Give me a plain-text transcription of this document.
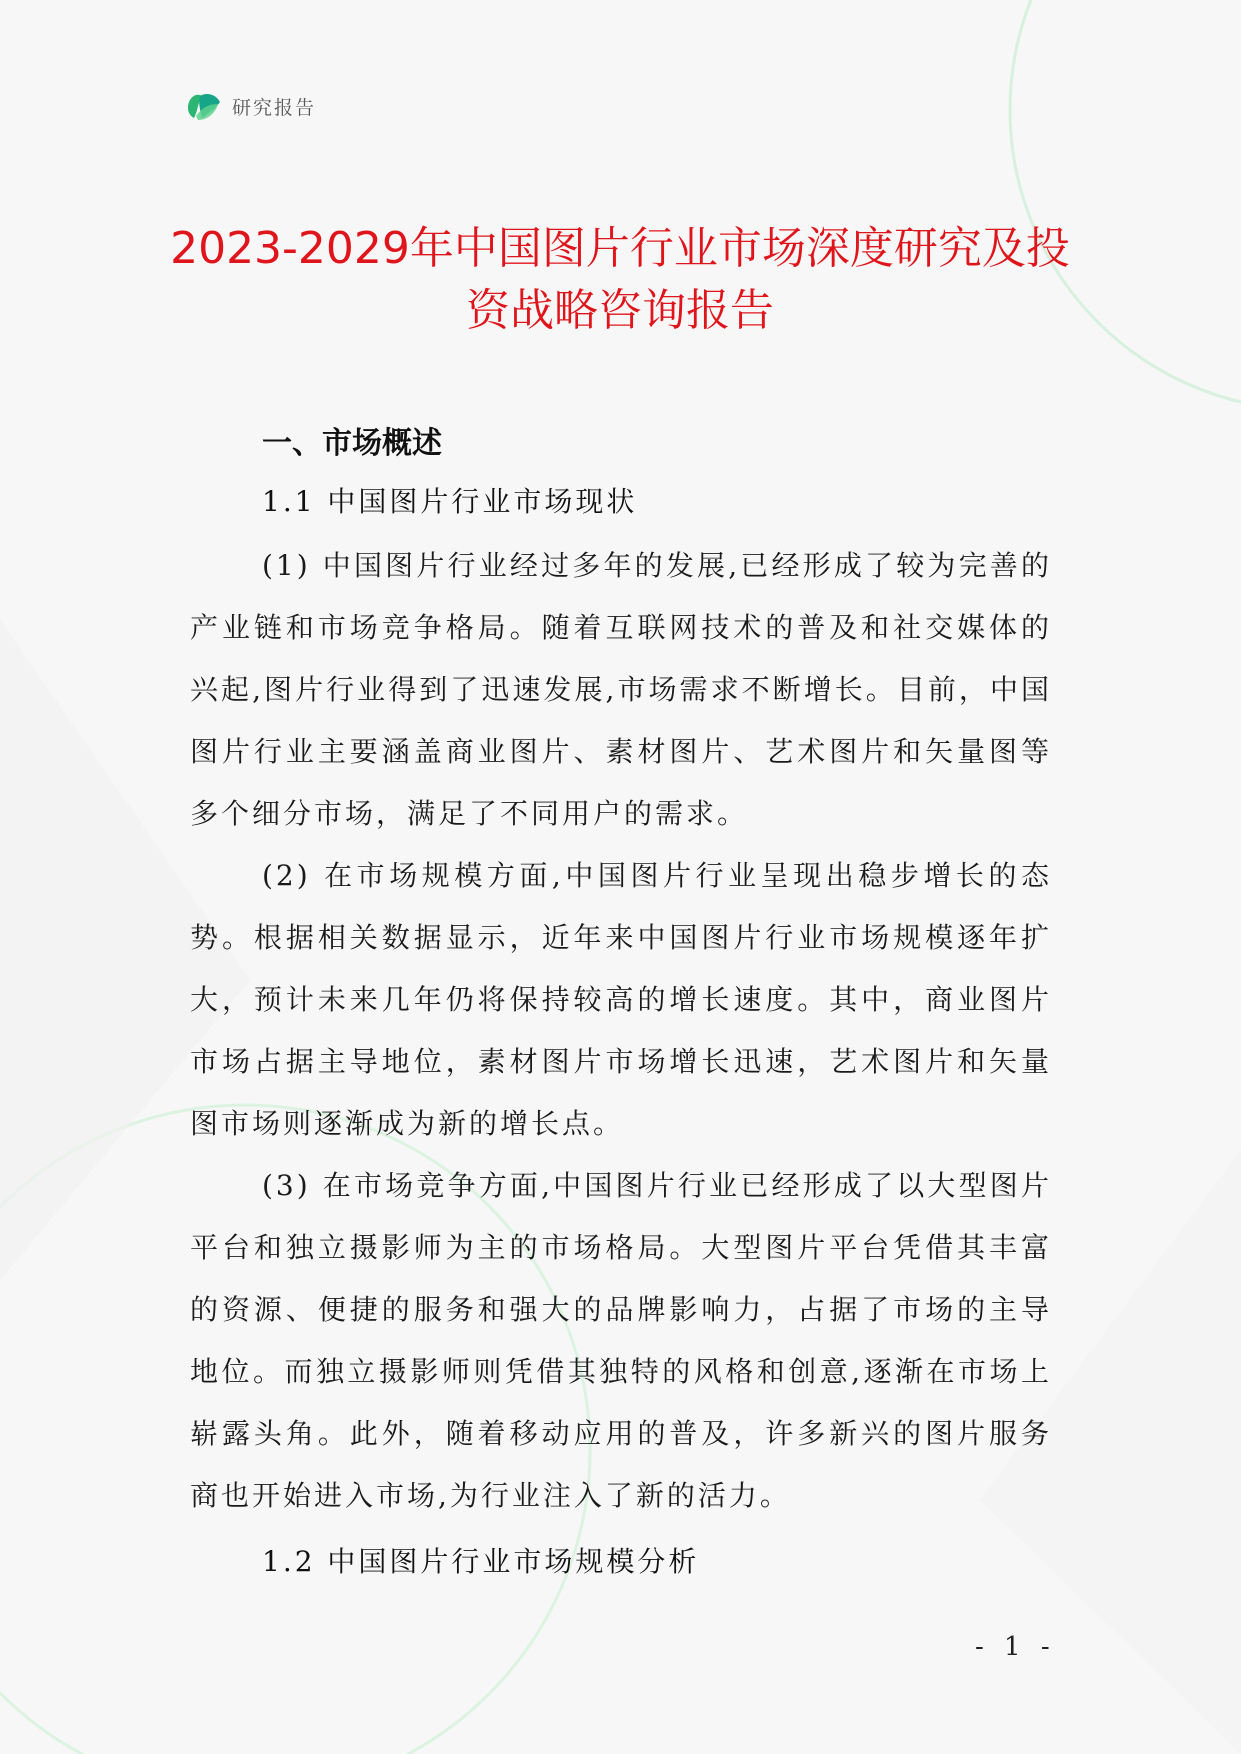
研究报告
2023-2029年中国图片行业市场深度研究及投资战略咨询报告
一、市场概述
1.1 中国图片行业市场现状

(1) 中国图片行业经过多年的发展,已经形成了较为完善的产业链和市场竞争格局。随着互联网技术的普及和社交媒体的兴起,图片行业得到了迅速发展,市场需求不断增长。目前，中国图片行业主要涵盖商业图片、素材图片、艺术图片和矢量图等多个细分市场，满足了不同用户的需求。

(2) 在市场规模方面,中国图片行业呈现出稳步增长的态势。根据相关数据显示，近年来中国图片行业市场规模逐年扩大，预计未来几年仍将保持较高的增长速度。其中，商业图片市场占据主导地位，素材图片市场增长迅速，艺术图片和矢量图市场则逐渐成为新的增长点。

(3) 在市场竞争方面,中国图片行业已经形成了以大型图片平台和独立摄影师为主的市场格局。大型图片平台凭借其丰富的资源、便捷的服务和强大的品牌影响力，占据了市场的主导地位。而独立摄影师则凭借其独特的风格和创意,逐渐在市场上崭露头角。此外，随着移动应用的普及，许多新兴的图片服务商也开始进入市场,为行业注入了新的活力。

1.2 中国图片行业市场规模分析
- 1 -
